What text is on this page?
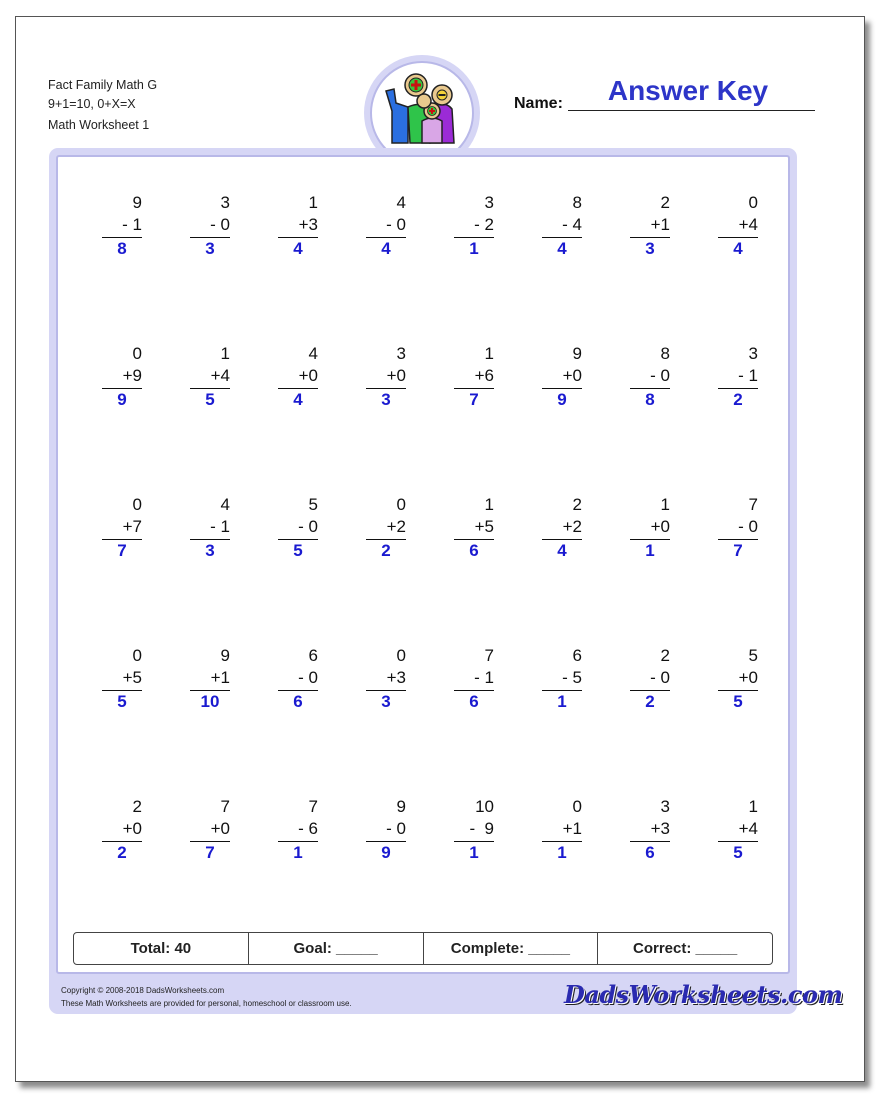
Fact Family Math G
9+1=10, 0+X=X
Math Worksheet 1
Name:	Answer Key
9
- 1
8
3
- 0
3
1
+3
4
4
- 0
4
3
- 2
1
8
- 4
4
2
+1
3
0
+4
4
0
+9
9
1
+4
5
4
+0
4
3
+0
3
1
+6
7
9
+0
9
8
- 0
8
3
- 1
2
0
+7
7
4
- 1
3
5
- 0
5
0
+2
2
1
+5
6
2
+2
4
1
+0
1
7
- 0
7
0
+5
5
9
+1
10
6
- 0
6
0
+3
3
7
- 1
6
6
- 5
1
2
- 0
2
5
+0
5
2
+0
2
7
+0
7
7
- 6
1
9
- 0
9
10
-  9
1
0
+1
1
3
+3
6
1
+4
5
Copyright © 2008-2018 DadsWorksheets.com
These Math Worksheets are provided for personal, homeschool or classroom use.
Total: 40	Goal: _____	Complete: _____	Correct: _____
DadsWorksheets.com
